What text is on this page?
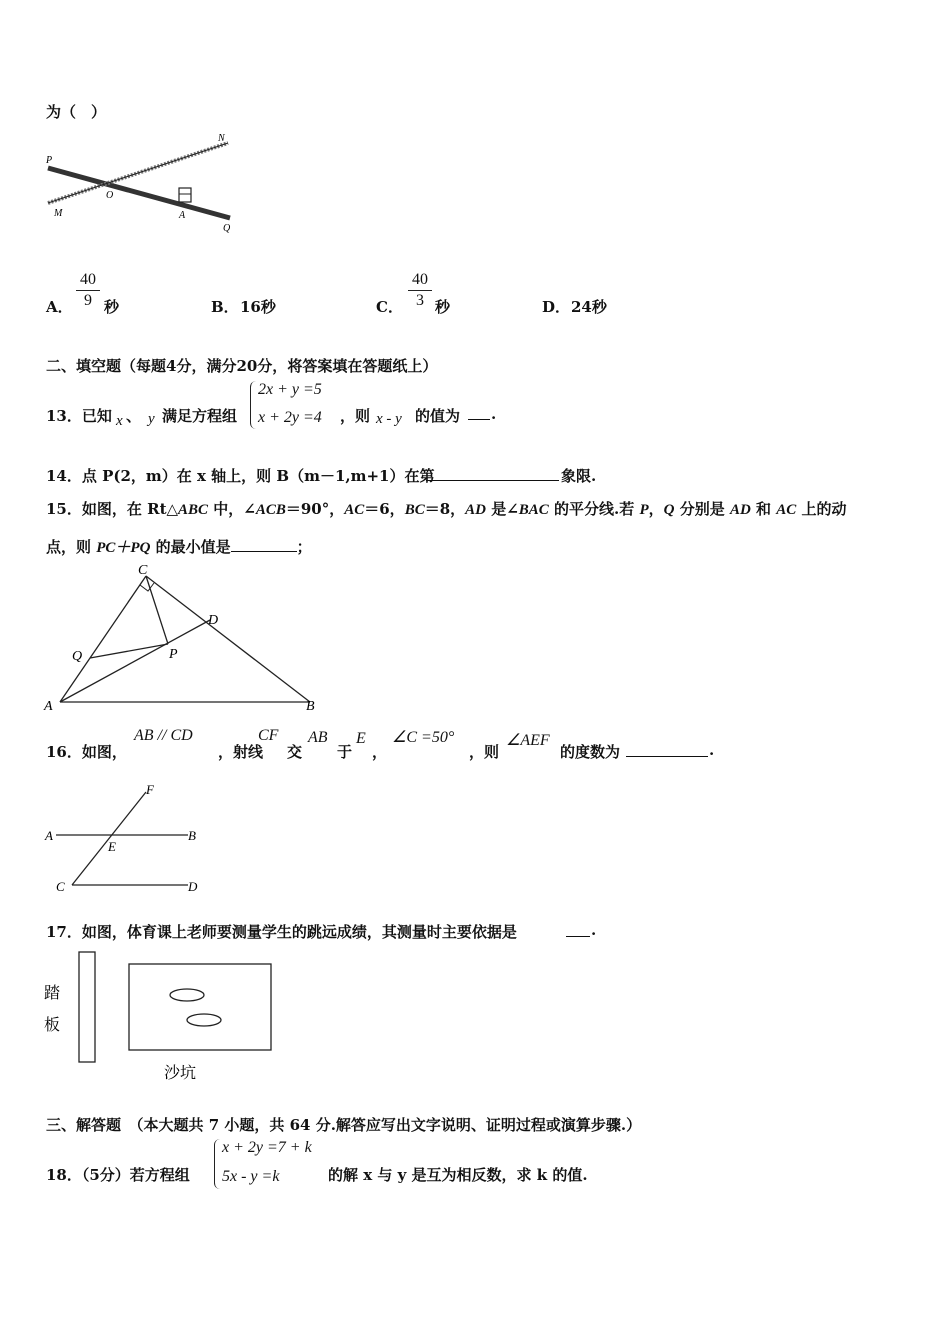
为（　）
P
N
M
O
A
Q
A． $\frac{40}{9}$ 秒	B． 16秒	C． $\frac{40}{3}$ 秒	D． 24秒
二、填空题（每题4分，满分20分，将答案填在答题纸上）
13．已知 x 、 y 满足方程组
2x + y =5
x + 2y =4 ，则 x - y 的值为 .
14．点 P(2，m）在 x 轴上，则 B（m－1,m+1）在第	象限.
15．如图，在 Rt△ABC 中，∠ACB＝90°，AC＝6，BC＝8，AD 是∠BAC 的平分线.若 P，Q 分别是 AD 和 AC 上的动
点，则 PC＋PQ 的最小值是	；
C
D
Q	P
A	B
16．如图，
AB // CD
，射线
CF
交
AB
于
E
，
∠C =50°
，则
∠AEF
的度数为	.
F
A	B
E
C	D
17．如图，体育课上老师要测量学生的跳远成绩，其测量时主要依据是	.
踏
板
沙坑
三、解答题　（本大题共 7 小题，共 64 分.解答应写出文字说明、证明过程或演算步骤.）
18．（5分）若方程组
x + 2y =7 + k
5x - y =k	的解 x 与 y 是互为相反数，求 k 的值.
